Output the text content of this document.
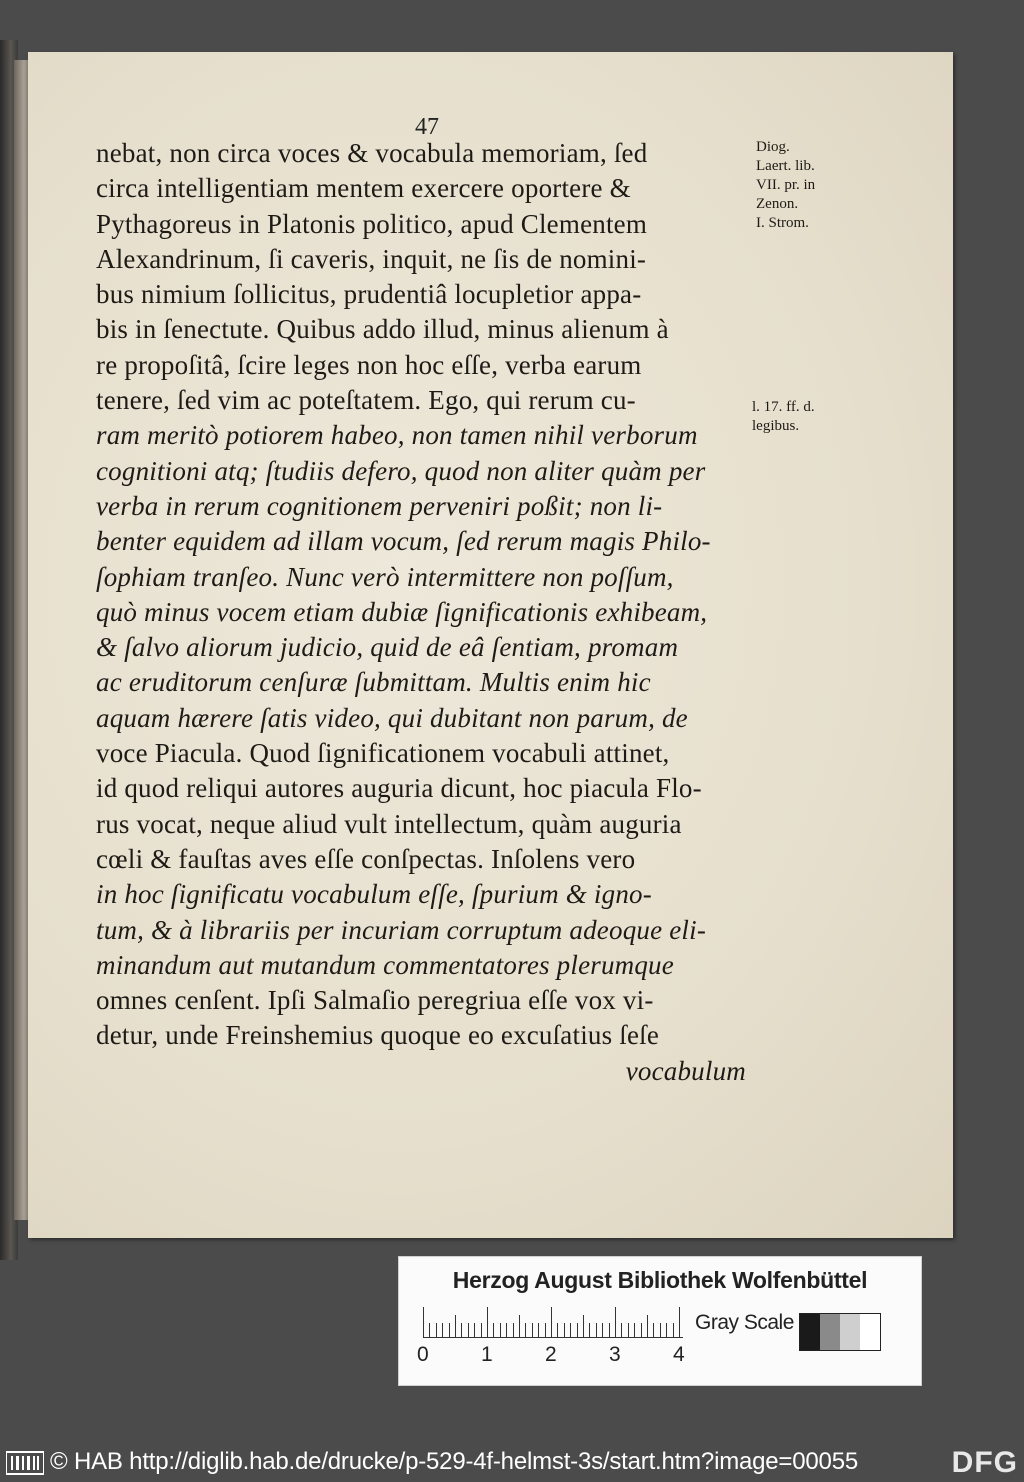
47
nebat, non circa voces & vocabula memoriam, ſed
circa intelligentiam mentem exercere oportere &
Pythagoreus in Platonis politico, apud Clementem
Alexandrinum, ſi caveris, inquit, ne ſis de nomini-
bus nimium ſollicitus, prudentiâ locupletior appa-
bis in ſenectute. Quibus addo illud, minus alienum à
re propoſitâ, ſcire leges non hoc eſſe, verba earum
tenere, ſed vim ac poteſtatem. Ego, qui rerum cu-
ram meritò potiorem habeo, non tamen nihil verborum
cognitioni atq; ſtudiis defero, quod non aliter quàm per
verba in rerum cognitionem perveniri poßit; non li-
benter equidem ad illam vocum, ſed rerum magis Philo-
ſophiam tranſeo. Nunc verò intermittere non poſſum,
quò minus vocem etiam dubiæ ſignificationis exhibeam,
& ſalvo aliorum judicio, quid de eâ ſentiam, promam
ac eruditorum cenſuræ ſubmittam. Multis enim hic
aquam hærere ſatis video, qui dubitant non parum, de
voce Piacula. Quod ſignificationem vocabuli attinet,
id quod reliqui autores auguria dicunt, hoc piacula Flo-
rus vocat, neque aliud vult intellectum, quàm auguria
cœli & fauſtas aves eſſe conſpectas. Inſolens vero
in hoc ſignificatu vocabulum eſſe, ſpurium & igno-
tum, & à librariis per incuriam corruptum adeoque eli-
minandum aut mutandum commentatores plerumque
omnes cenſent. Ipſi Salmaſio peregriua eſſe vox vi-
detur, unde Freinshemius quoque eo excuſatius ſeſe
vocabulum
Diog.
Laert. lib.
VII. pr. in
Zenon.
I. Strom.
l. 17. ff. d.
legibus.
Herzog August Bibliothek Wolfenbüttel
0 1 2 3 4
Gray Scale
© HAB http://diglib.hab.de/drucke/p-529-4f-helmst-3s/start.htm?image=00055	DFG
